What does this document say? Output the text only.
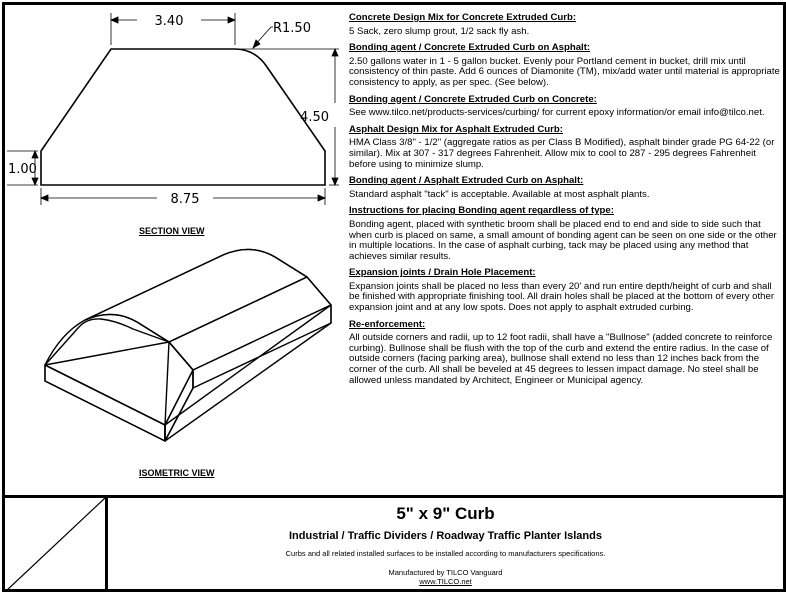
3.40	R1.50
4.50
1.00
8.75
SECTION VIEW
ISOMETRIC VIEW
Concrete Design Mix for Concrete Extruded Curb:
5 Sack, zero slump grout, 1/2 sack fly ash.
Bonding agent / Concrete Extruded Curb on Asphalt:
2.50 gallons water in 1 - 5 gallon bucket. Evenly pour Portland cement in bucket, drill mix until consistency of thin paste. Add 6 ounces of Diamonite (TM), mix/add water until material is appropriate consistency to apply, as per spec. (See below).
Bonding agent / Concrete Extruded Curb on Concrete:
See www.tilco.net/products-services/curbing/ for current epoxy information/or email info@tilco.net.
Asphalt Design Mix for Asphalt Extruded Curb:
HMA Class 3/8" - 1/2" (aggregate ratios as per Class B Modified), asphalt binder grade PG 64-22 (or similar). Mix at 307 - 317 degrees Fahrenheit. Allow mix to cool to 287 - 295 degrees Fahrenheit before using to minimize slump.
Bonding agent / Asphalt Extruded Curb on Asphalt:
Standard asphalt "tack" is acceptable. Available at most asphalt plants.
Instructions for placing Bonding agent regardless of type:
Bonding agent, placed with synthetic broom shall be placed end to end and side to side such that when curb is placed on same, a small amount of bonding agent can be seen on one side or the other in multiple locations. In the case of asphalt curbing, tack may be placed using any method that achieves similar results.
Expansion joints / Drain Hole Placement:
Expansion joints shall be placed no less than every 20' and run entire depth/height of curb and shall be finished with appropriate finishing tool. All drain holes shall be placed at the bottom of every other expansion joint and at any low spots. Does not apply to asphalt extruded curbing.
Re-enforcement:
All outside corners and radii, up to 12 foot radii, shall have a "Bullnose" (added concrete to reinforce curbing). Bullnose shall be flush with the top of the curb and extend the entire radius. In the case of outside corners (facing parking area), bullnose shall extend no less than 12 inches back from the corner of the curb. All shall be beveled at 45 degrees to lessen impact damage. No steel shall be allowed unless mandated by Architect, Engineer or Municipal agency.
5" x 9" Curb
Industrial / Traffic Dividers / Roadway Traffic Planter Islands
Curbs and all related installed surfaces to be installed according to manufacturers specifications.
Manufactured by TILCO Vanguard
www.TILCO.net
